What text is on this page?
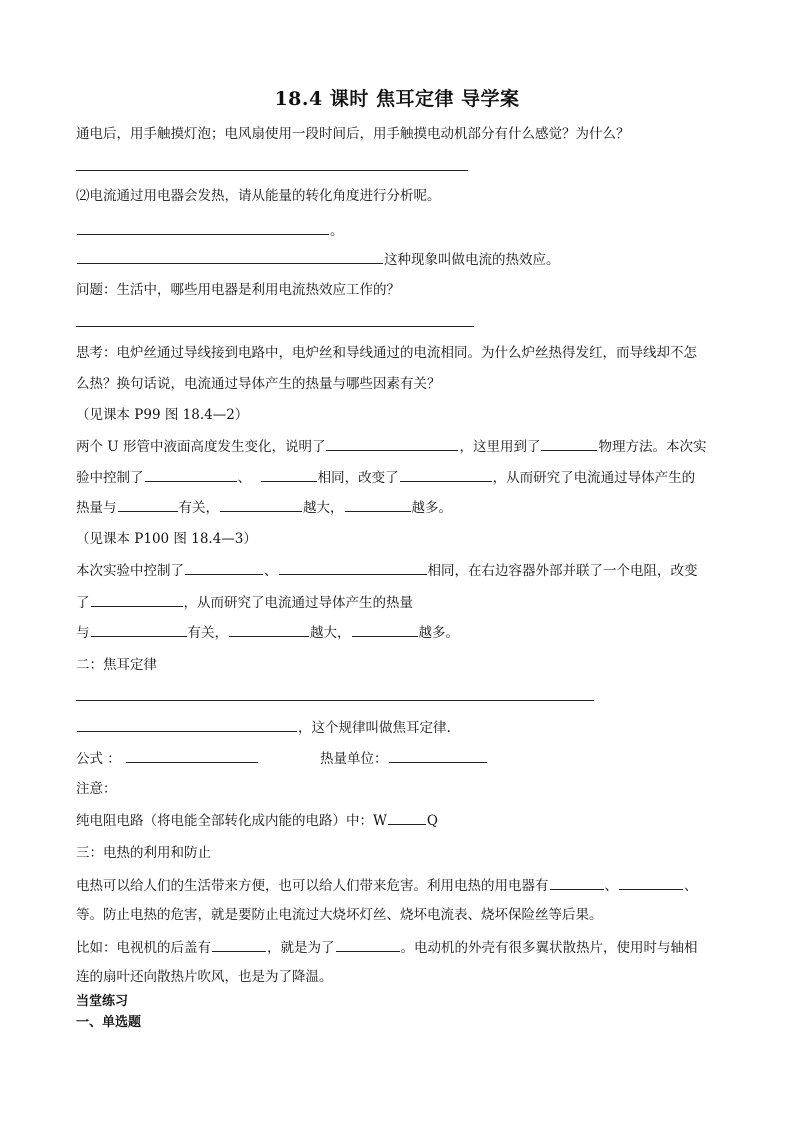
18.4 课时 焦耳定律 导学案
通电后，用手触摸灯泡；电风扇使用一段时间后，用手触摸电动机部分有什么感觉？为什么？
⑵电流通过用电器会发热，请从能量的转化角度进行分析呢。
。
这种现象叫做电流的热效应。
问题：生活中，哪些用电器是利用电流热效应工作的？
思考：电炉丝通过导线接到电路中，电炉丝和导线通过的电流相同。为什么炉丝热得发红，而导线却不怎
么热？换句话说，电流通过导体产生的热量与哪些因素有关？
（见课本 P99 图 18.4—2）
两个 U 形管中液面高度发生变化，说明了	，这里用到了	物理方法。本次实
验中控制了	、	相同，改变了	，从而研究了电流通过导体产生的
热量与	有关，	越大，	越多。
（见课本 P100 图 18.4—3）
本次实验中控制了	、	相同，在右边容器外部并联了一个电阻，改变
了	，从而研究了电流通过导体产生的热量
与	有关，	越大，	越多。
二：焦耳定律
，这个规律叫做焦耳定律.
公式 ：	热量单位：
注意：
纯电阻电路（将电能全部转化成内能的电路）中：W	Q
三：电热的利用和防止
电热可以给人们的生活带来方便，也可以给人们带来危害。利用电热的用电器有	、	、
等。防止电热的危害，就是要防止电流过大烧坏灯丝、烧坏电流表、烧坏保险丝等后果。
比如：电视机的后盖有	，就是为了	。电动机的外壳有很多翼状散热片，使用时与轴相
连的扇叶还向散热片吹风，也是为了降温。
当堂练习
一、单选题
